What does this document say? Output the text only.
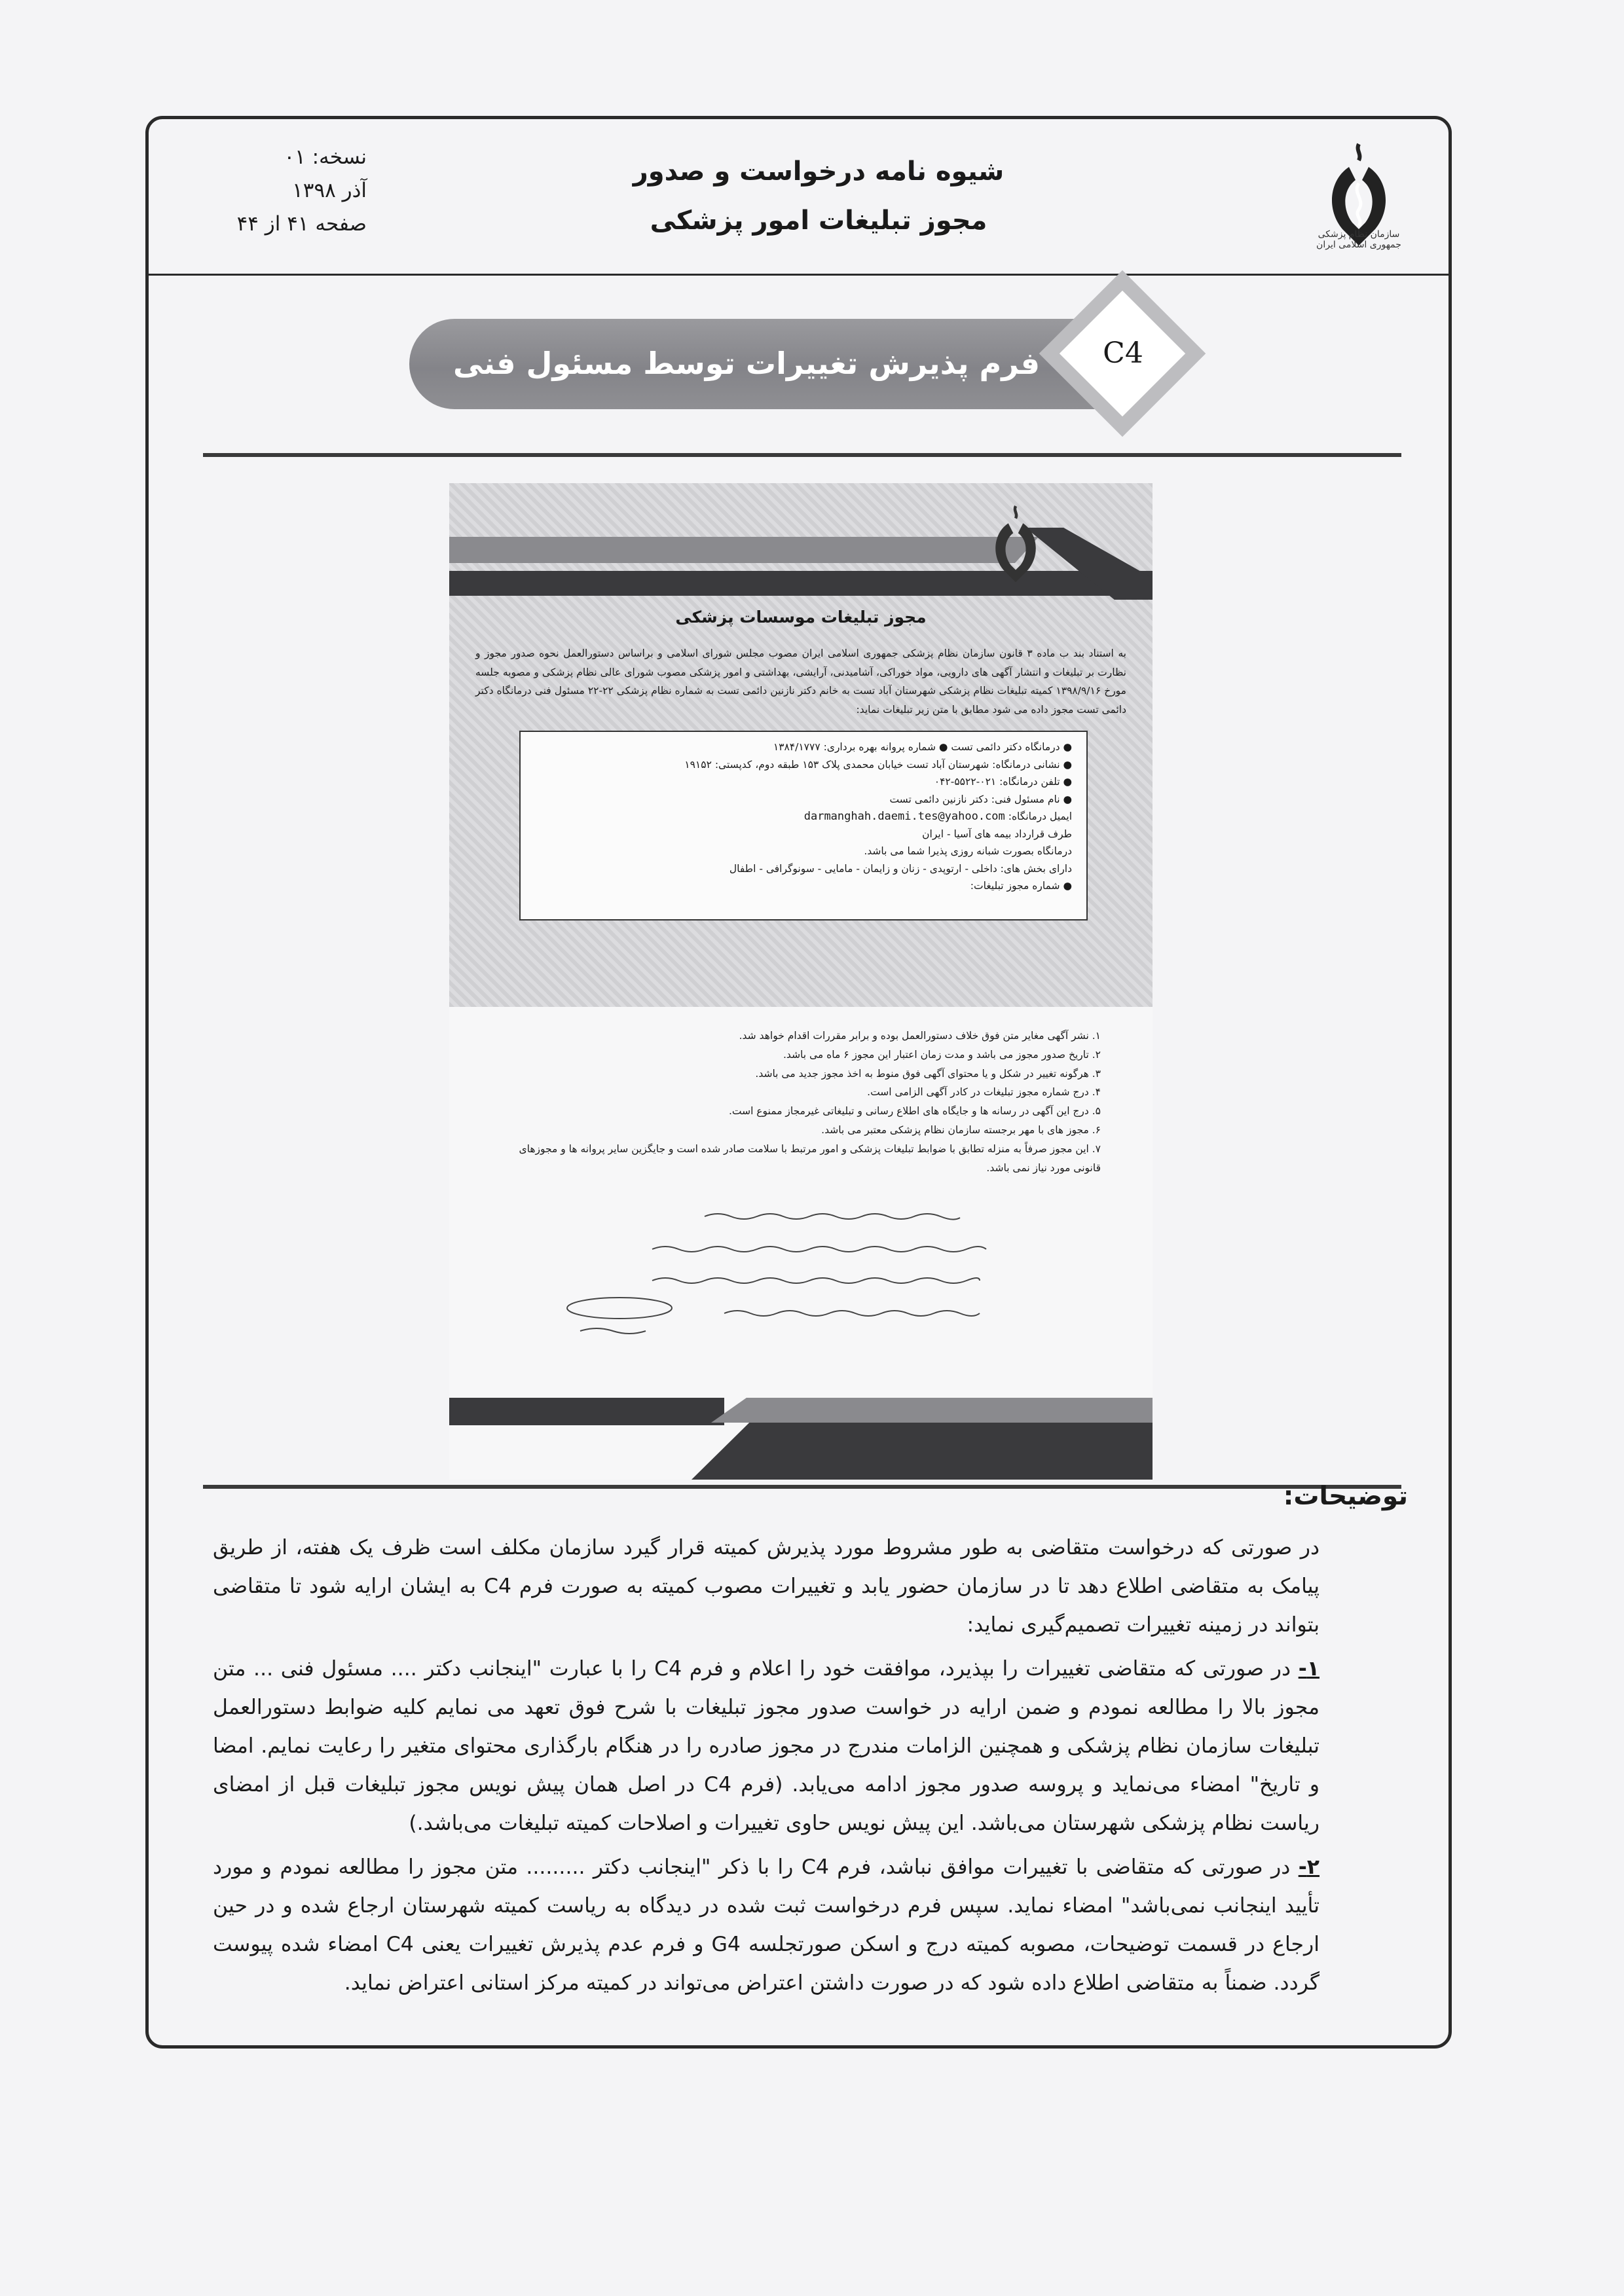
نسخه: ۰۱
آذر ۱۳۹۸
صفحه ۴۱ از ۴۴
شیوه نامه درخواست و صدور
مجوز تبلیغات امور پزشکی	سازمان نظام پزشکی جمهوری اسلامی ایران
فرم پذیرش تغییرات توسط مسئول فنی	C4
مجوز تبلیغات موسسات پزشکی
به استناد بند ب ماده ۳ قانون سازمان نظام پزشکی جمهوری اسلامی ایران مصوب مجلس شورای اسلامی و براساس دستورالعمل نحوه صدور مجوز و نظارت بر تبلیغات و انتشار آگهی های دارویی، مواد خوراکی، آشامیدنی، آرایشی، بهداشتی و امور پزشکی مصوب شورای عالی نظام پزشکی و مصوبه جلسه مورخ ۱۳۹۸/۹/۱۶ کمیته تبلیغات نظام پزشکی شهرستان آباد تست به خانم دکتر نازنین دائمی تست به شماره نظام پزشکی ۲۲-۲۲ مسئول فنی درمانگاه دکتر دائمی تست مجوز داده می شود مطابق با متن زیر تبلیغات نماید:
● درمانگاه دکتر دائمی تست ● شماره پروانه بهره برداری: ۱۳۸۴/۱۷۷۷
● نشانی درمانگاه: شهرستان آباد تست خیابان محمدی پلاک ۱۵۳ طبقه دوم، کدپستی: ۱۹۱۵۲
● تلفن درمانگاه: ۰۲۱-۵۵۲۲-۰۴۲
● نام مسئول فنی: دکتر نازنین دائمی تست
ایمیل درمانگاه: darmanghah.daemi.tes@yahoo.com
طرف قرارداد بیمه های آسیا - ایران
درمانگاه بصورت شبانه روزی پذیرا شما می باشد.
دارای بخش های: داخلی - ارتوپدی - زنان و زایمان - مامایی - سونوگرافی - اطفال
● شماره مجوز تبلیغات:
۱. نشر آگهی مغایر متن فوق خلاف دستورالعمل بوده و برابر مقررات اقدام خواهد شد.
۲. تاریخ صدور مجوز می باشد و مدت زمان اعتبار این مجوز ۶ ماه می باشد.
۳. هرگونه تغییر در شکل و یا محتوای آگهی فوق منوط به اخذ مجوز جدید می باشد.
۴. درج شماره مجوز تبلیغات در کادر آگهی الزامی است.
۵. درج این آگهی در رسانه ها و جایگاه های اطلاع رسانی و تبلیغاتی غیرمجاز ممنوع است.
۶. مجوز های با مهر برجسته سازمان نظام پزشکی معتبر می باشد.
۷. این مجوز صرفاً به منزله تطابق با ضوابط تبلیغات پزشکی و امور مرتبط با سلامت صادر شده است و جایگزین سایر پروانه ها و مجوزهای قانونی مورد نیاز نمی باشد.
توضیحات:

در صورتی که درخواست متقاضی به طور مشروط مورد پذیرش کمیته قرار گیرد سازمان مکلف است ظرف یک هفته، از طریق پیامک به متقاضی اطلاع دهد تا در سازمان حضور یابد و تغییرات مصوب کمیته به صورت فرم C4 به ایشان ارایه شود تا متقاضی بتواند در زمینه تغییرات تصمیم‌گیری نماید:

۱- در صورتی که متقاضی تغییرات را بپذیرد، موافقت خود را اعلام و فرم C4 را با عبارت "اینجانب دکتر .... مسئول فنی ... متن مجوز بالا را مطالعه نمودم و ضمن ارایه در خواست صدور مجوز تبلیغات با شرح فوق تعهد می نمایم کلیه ضوابط دستورالعمل تبلیغات سازمان نظام پزشکی و همچنین الزامات مندرج در مجوز صادره را در هنگام بارگذاری محتوای متغیر را رعایت نمایم. امضا و تاریخ" امضاء می‌نماید و پروسه صدور مجوز ادامه می‌یابد. (فرم C4 در اصل همان پیش نویس مجوز تبلیغات قبل از امضای ریاست نظام پزشکی شهرستان می‌باشد. این پیش نویس حاوی تغییرات و اصلاحات کمیته تبلیغات می‌باشد.)

۲- در صورتی که متقاضی با تغییرات موافق نباشد، فرم C4 را با ذکر "اینجانب دکتر ......... متن مجوز را مطالعه نمودم و مورد تأیید اینجانب نمی‌باشد" امضاء نماید. سپس فرم درخواست ثبت شده در دیدگاه به ریاست کمیته شهرستان ارجاع شده و در حین ارجاع در قسمت توضیحات، مصوبه کمیته درج و اسکن صورتجلسه G4 و فرم عدم پذیرش تغییرات یعنی C4 امضاء شده پیوست گردد. ضمناً به متقاضی اطلاع داده شود که در صورت داشتن اعتراض می‌تواند در کمیته مرکز استانی اعتراض نماید.
